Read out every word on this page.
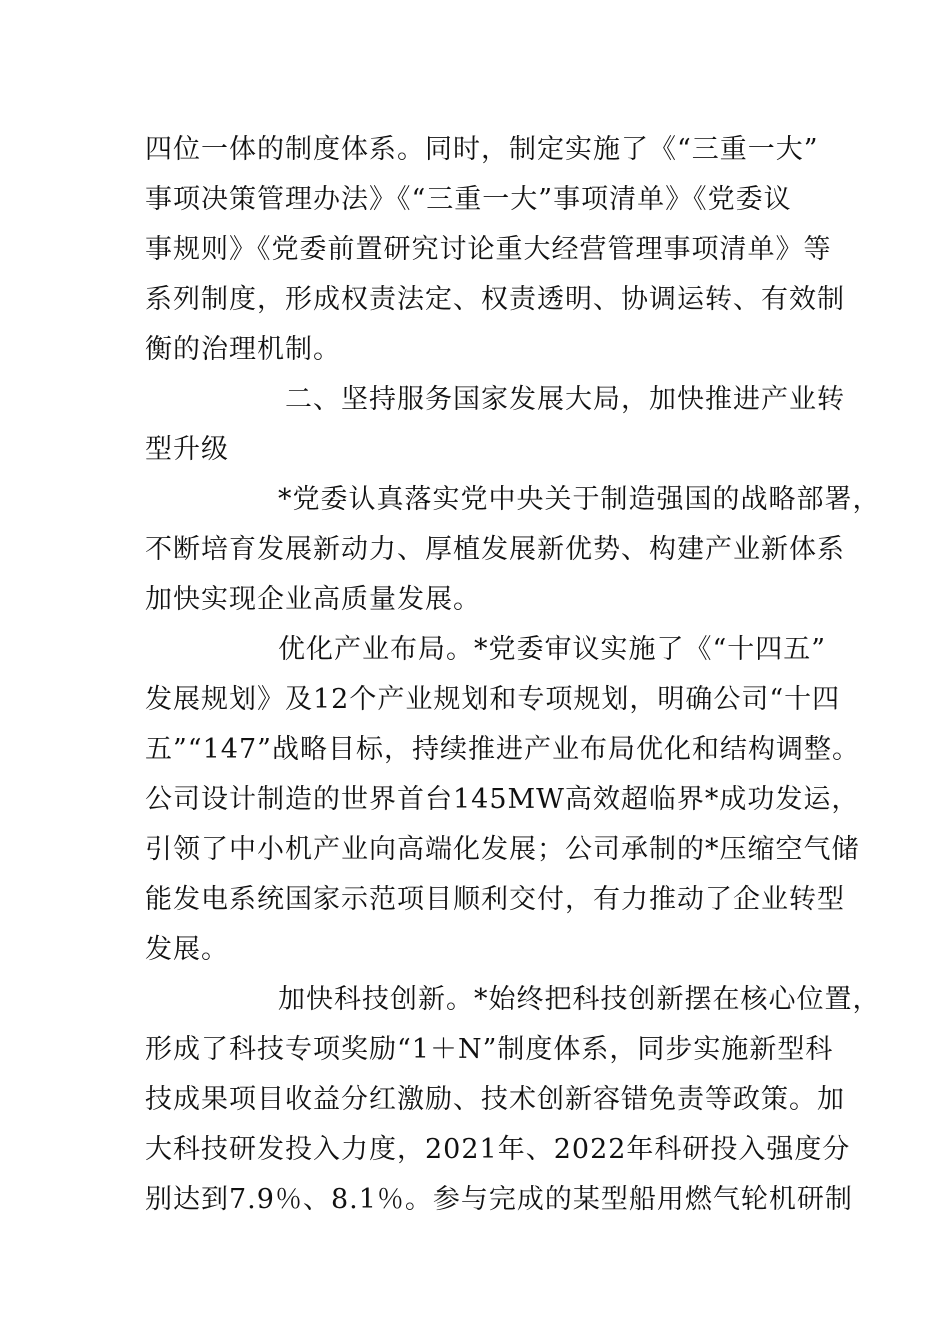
四位一体的制度体系。同时，制定实施了《“三重一大”
事项决策管理办法》《“三重一大”事项清单》《党委议
事规则》《党委前置研究讨论重大经营管理事项清单》等
系列制度，形成权责法定、权责透明、协调运转、有效制
衡的治理机制。
二、坚持服务国家发展大局，加快推进产业转
型升级
*党委认真落实党中央关于制造强国的战略部署，
不断培育发展新动力、厚植发展新优势、构建产业新体系
加快实现企业高质量发展。
优化产业布局。*党委审议实施了《“十四五”
发展规划》及12个产业规划和专项规划，明确公司“十四
五”“147”战略目标，持续推进产业布局优化和结构调整。
公司设计制造的世界首台145MW高效超临界*成功发运，
引领了中小机产业向高端化发展；公司承制的*压缩空气储
能发电系统国家示范项目顺利交付，有力推动了企业转型
发展。
加快科技创新。*始终把科技创新摆在核心位置，
形成了科技专项奖励“1＋N”制度体系，同步实施新型科
技成果项目收益分红激励、技术创新容错免责等政策。加
大科技研发投入力度，2021年、2022年科研投入强度分
别达到7.9％、8.1％。参与完成的某型船用燃气轮机研制
